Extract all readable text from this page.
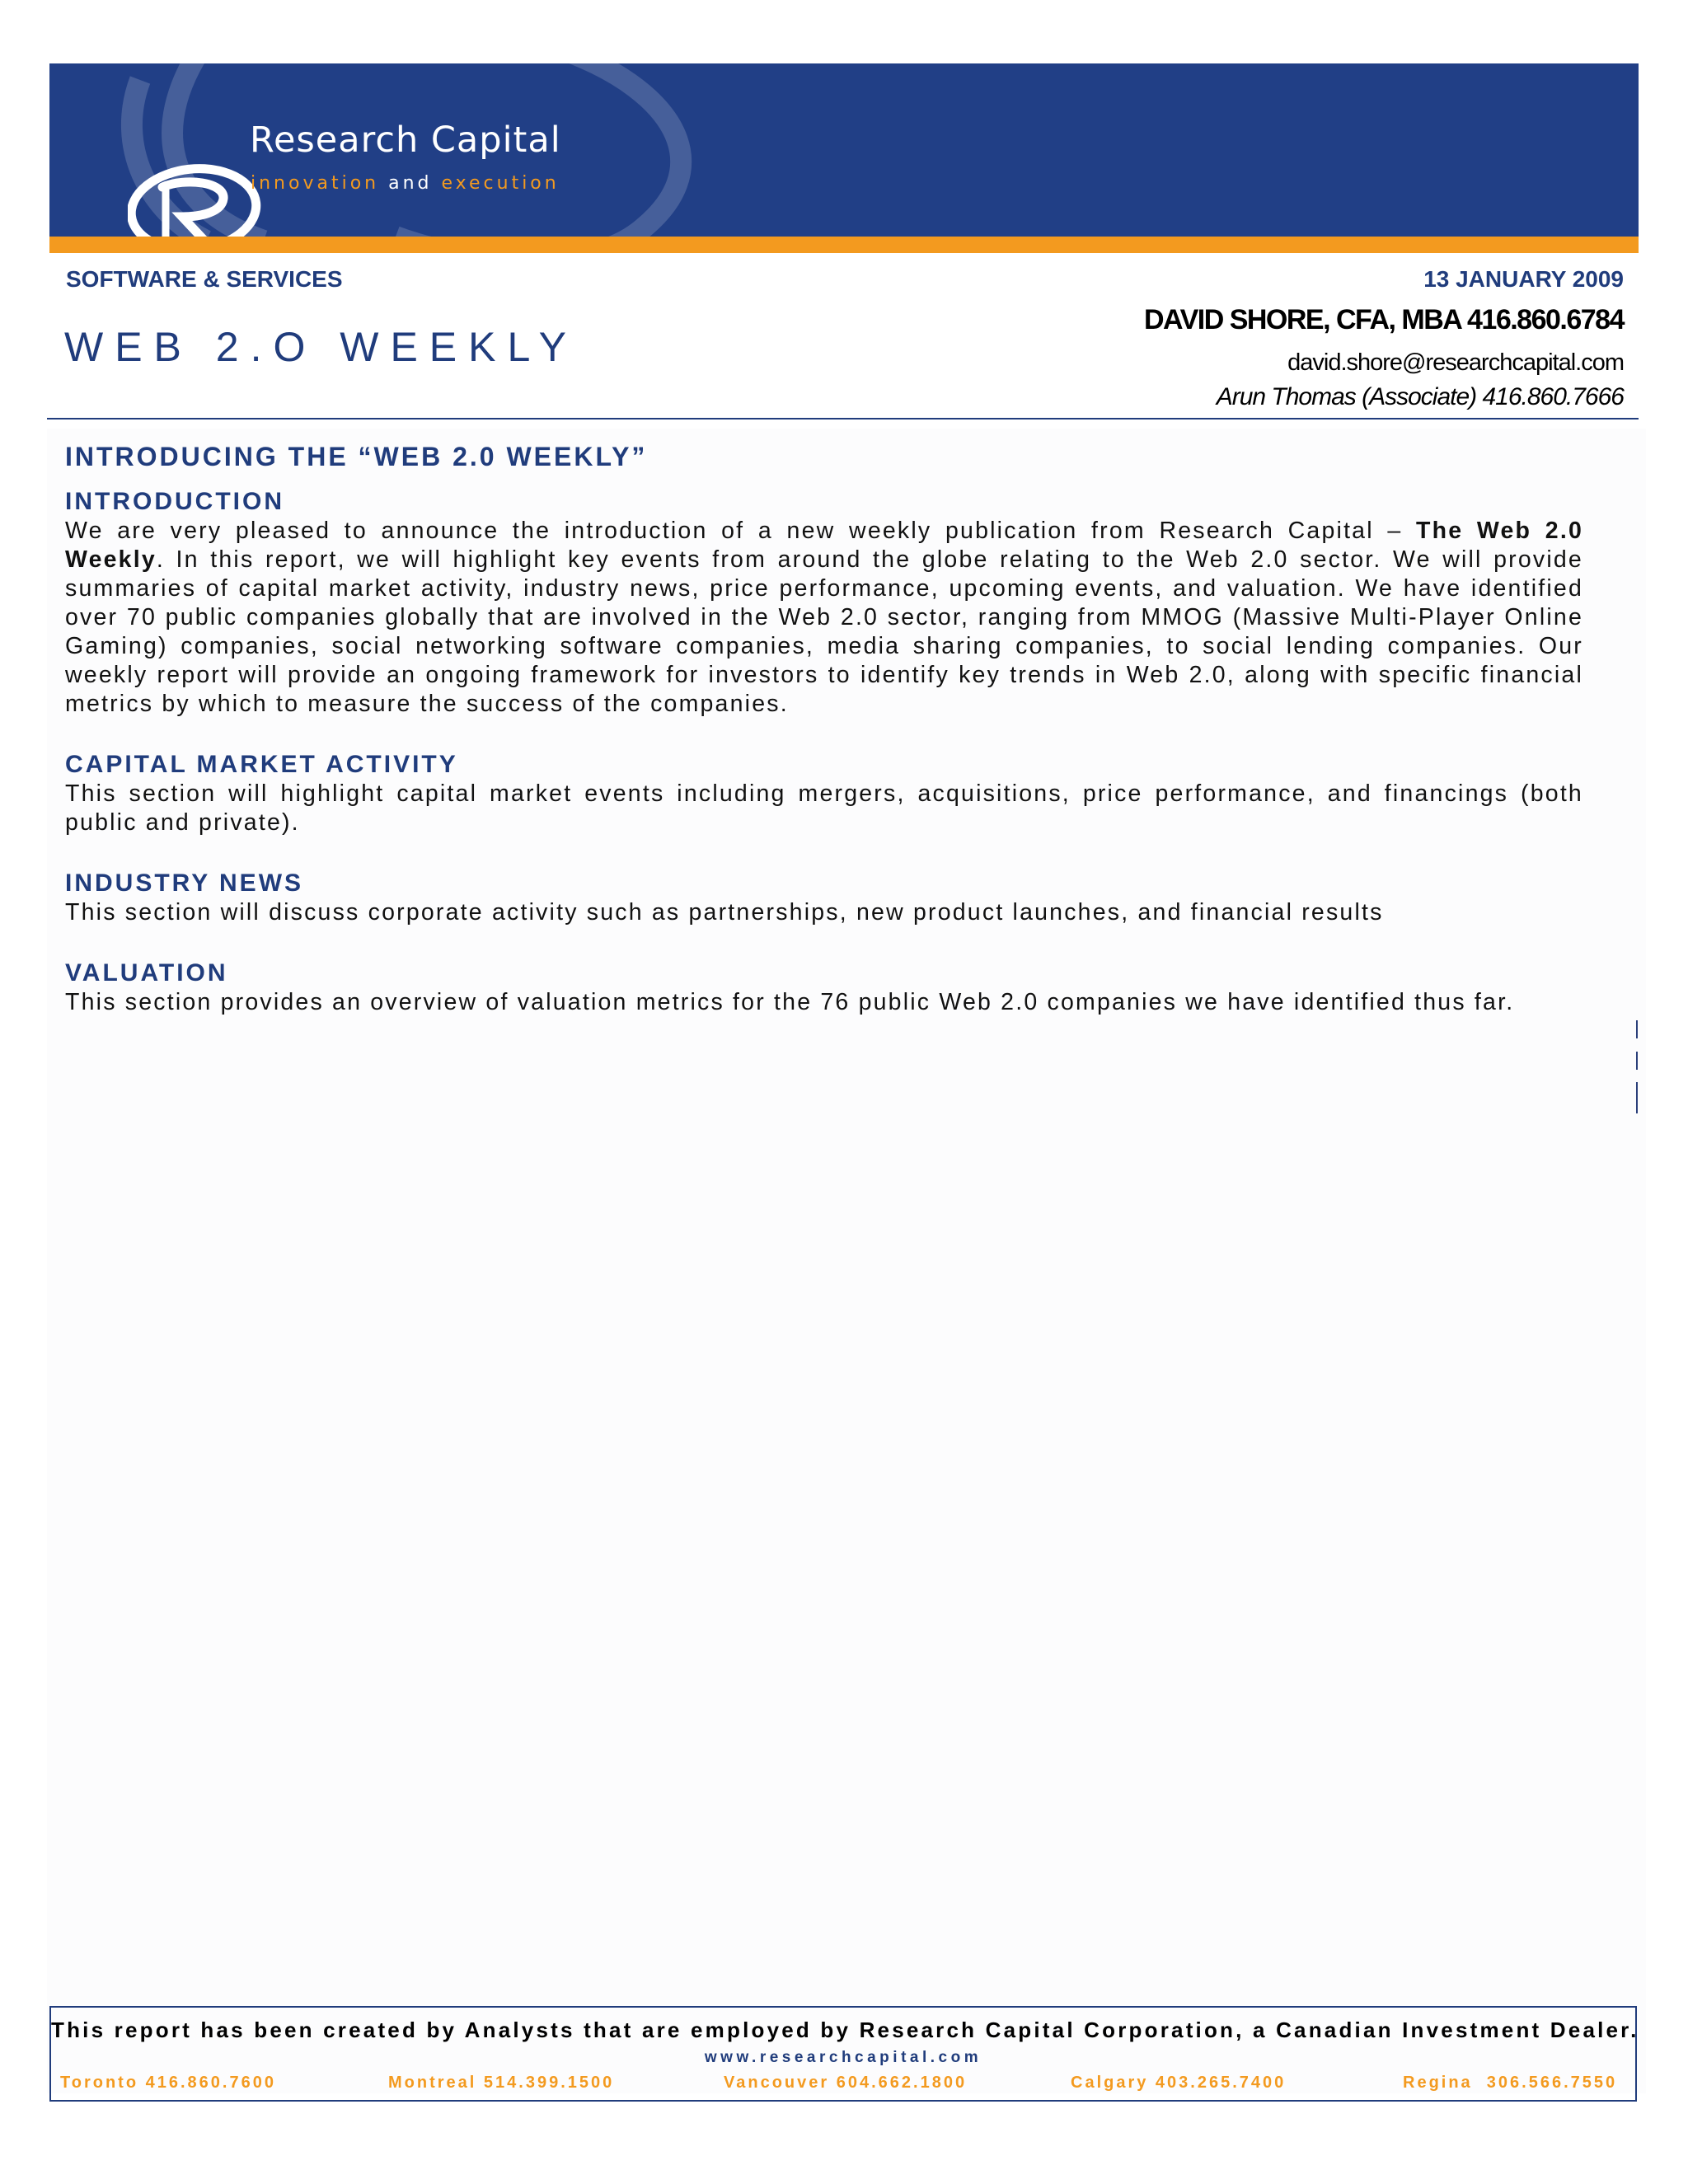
Research Capital
innovation and execution
SOFTWARE & SERVICES	13 JANUARY 2009
WEB 2.O WEEKLY
DAVID SHORE, CFA, MBA 416.860.6784
david.shore@researchcapital.com
Arun Thomas (Associate) 416.860.7666
INTRODUCING THE “WEB 2.0 WEEKLY”
INTRODUCTION

We are very pleased to announce the introduction of a new weekly publication from Research Capital – The Web 2.0 Weekly. In this report, we will highlight key events from around the globe relating to the Web 2.0 sector. We will provide summaries of capital market activity, industry news, price performance, upcoming events, and valuation. We have identified over 70 public companies globally that are involved in the Web 2.0 sector, ranging from MMOG (Massive Multi-Player Online Gaming) companies, social networking software companies, media sharing companies, to social lending companies. Our weekly report will provide an ongoing framework for investors to identify key trends in Web 2.0, along with specific financial metrics by which to measure the success of the companies.

CAPITAL MARKET ACTIVITY

This section will highlight capital market events including mergers, acquisitions, price performance, and financings (both public and private).

INDUSTRY NEWS

This section will discuss corporate activity such as partnerships, new product launches, and financial results

VALUATION

This section provides an overview of valuation metrics for the 76 public Web 2.0 companies we have identified thus far.

This report has been created by Analysts that are employed by Research Capital Corporation, a Canadian Investment Dealer.
www.researchcapital.com
Toronto 416.860.7600	Montreal 514.399.1500	Vancouver 604.662.1800	Calgary 403.265.7400	Regina  306.566.7550
